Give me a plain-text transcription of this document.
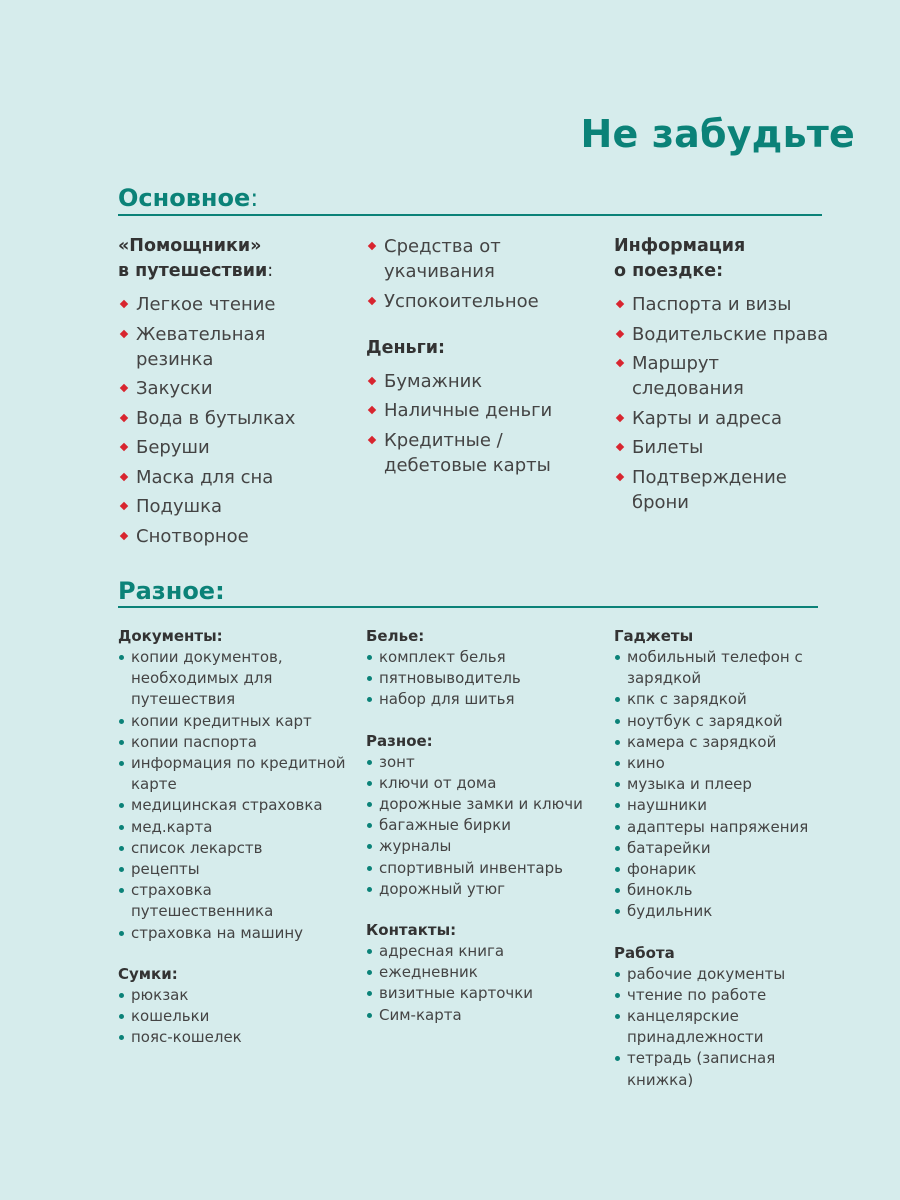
Не забудьте
Основное:
«Помощники»
в путешествии:
Легкое чтение
Жевательная резинка
Закуски
Вода в бутылках
Беруши
Маска для сна
Подушка
Снотворное
Средства от укачивания
Успокоительное
Деньги:
Бумажник
Наличные деньги
Кредитные / дебетовые карты
Информация
о поездке:
Паспорта и визы
Водительские права
Маршрут следования
Карты и адреса
Билеты
Подтверждение брони
Разное:
Документы:
копии документов, необходимых для путешествия
копии кредитных карт
копии паспорта
информация по кредитной карте
медицинская страховка
мед.карта
список лекарств
рецепты
страховка путешественника
страховка на машину
Сумки:
рюкзак
кошельки
пояс-кошелек
Белье:
комплект белья
пятновыводитель
набор для шитья
Разное:
зонт
ключи от дома
дорожные замки и ключи
багажные бирки
журналы
спортивный инвентарь
дорожный утюг
Контакты:
адресная книга
ежедневник
визитные карточки
Сим-карта
Гаджеты
мобильный телефон с зарядкой
кпк с зарядкой
ноутбук с зарядкой
камера с зарядкой
кино
музыка и плеер
наушники
адаптеры напряжения
батарейки
фонарик
бинокль
будильник
Работа
рабочие документы
чтение по работе
канцелярские принадлежности
тетрадь (записная книжка)
